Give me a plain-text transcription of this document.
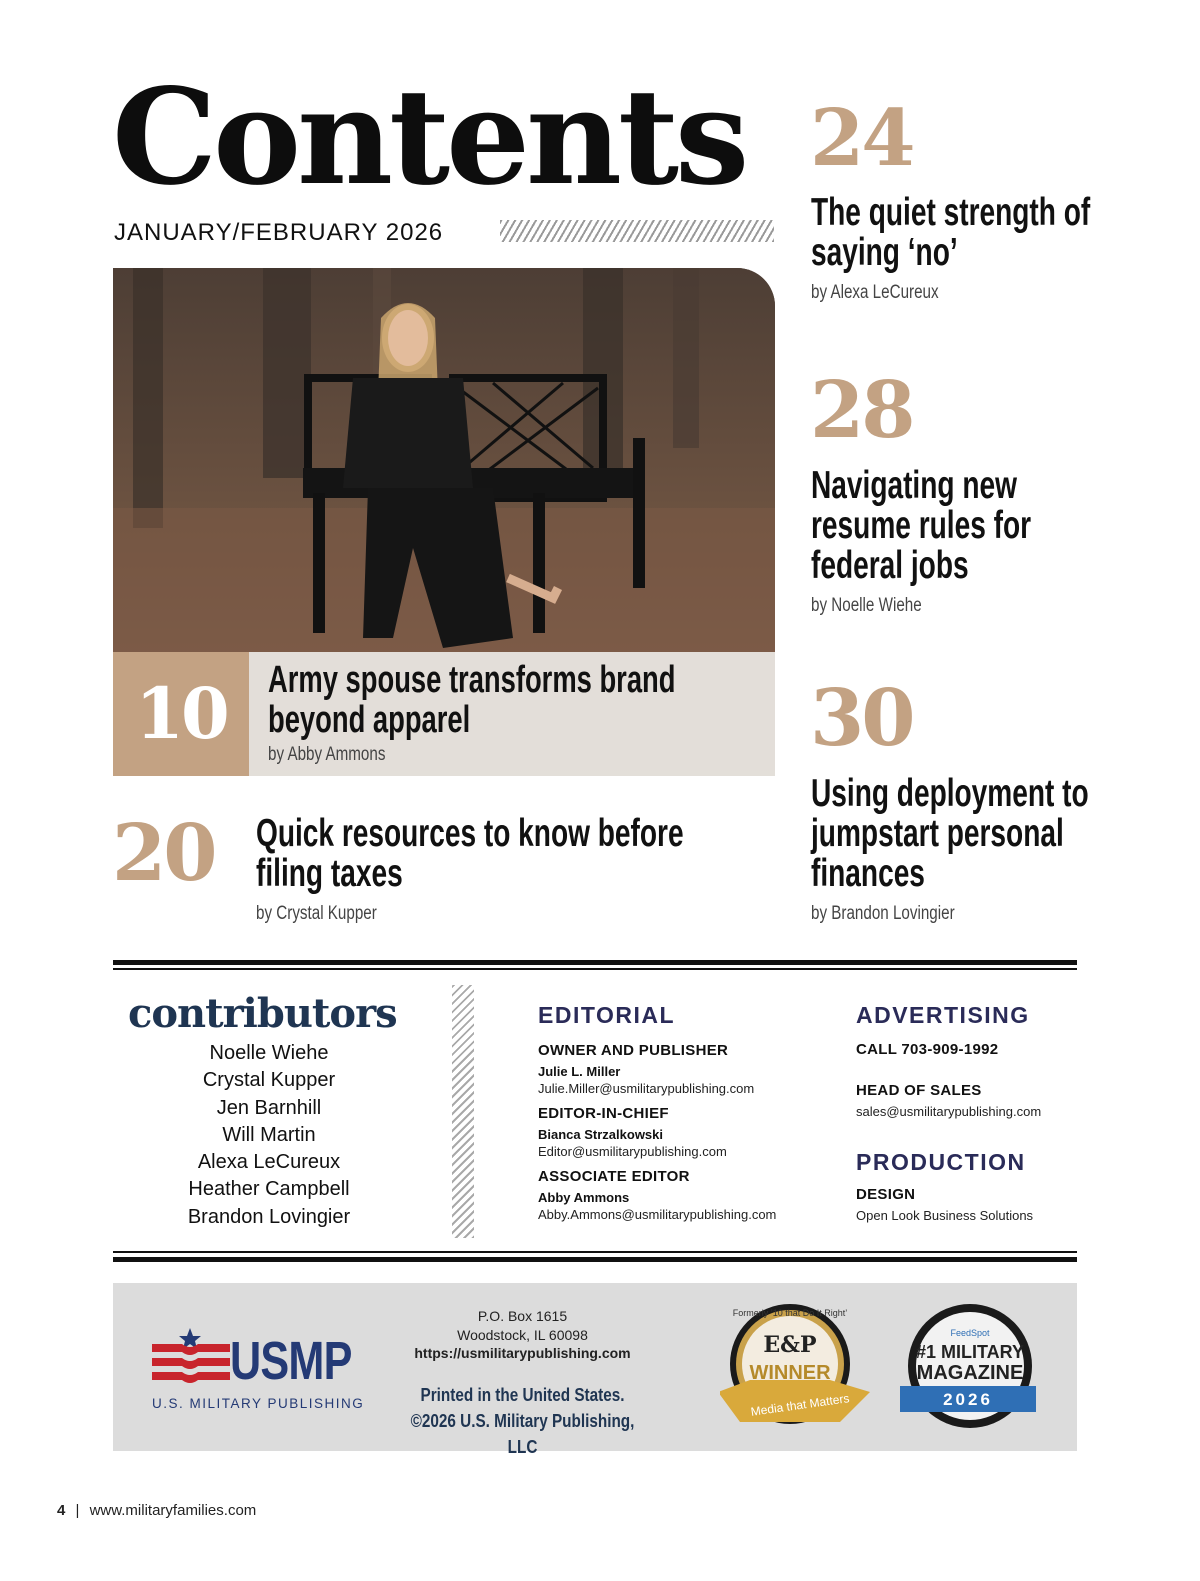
Contents
JANUARY/FEBRUARY 2026
10	Army spouse transforms brand
beyond apparel
by Abby Ammons
24
The quiet strength of
saying ‘no’
by Alexa LeCureux
28
Navigating new
resume rules for
federal jobs
by Noelle Wiehe
30
Using deployment to
jumpstart personal
finances
by Brandon Lovingier
20 Quick resources to know before
filing taxes
by Crystal Kupper
contributors
Noelle Wiehe
Crystal Kupper
Jen Barnhill
Will Martin
Alexa LeCureux
Heather Campbell
Brandon Lovingier
EDITORIAL
OWNER AND PUBLISHER
Julie L. Miller
Julie.Miller@usmilitarypublishing.com
EDITOR-IN-CHIEF
Bianca Strzalkowski
Editor@usmilitarypublishing.com
ASSOCIATE EDITOR
Abby Ammons
Abby.Ammons@usmilitarypublishing.com
ADVERTISING
CALL 703-909-1992
HEAD OF SALES
sales@usmilitarypublishing.com
PRODUCTION
DESIGN
Open Look Business Solutions
USMP
U.S. MILITARY PUBLISHING
P.O. Box 1615
Woodstock, IL 60098
https://usmilitarypublishing.com
Printed in the United States.
©2026 U.S. Military Publishing, LLC
Formerly ’10 that Do It Right’
E&P
WINNER
Media that Matters
FeedSpot
#1 MILITARY
MAGAZINE
2026
4 | www.militaryfamilies.com
